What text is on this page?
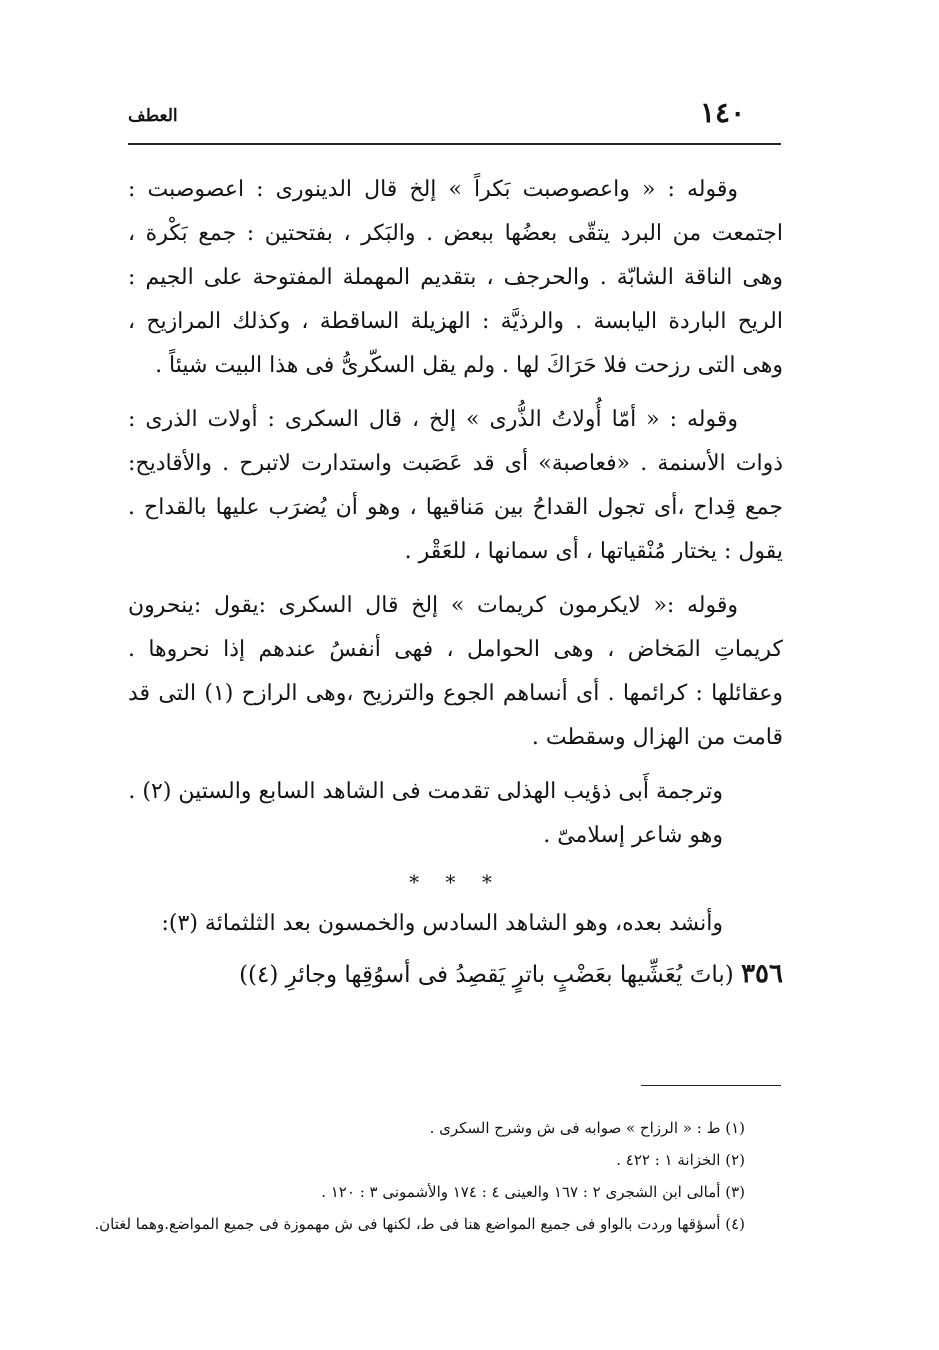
١٤٠
العطف

وقوله : « واعصوصبت بَكراً » إلخ قال الدينورى : اعصوصبت : اجتمعت من البرد يتقّى بعضُها ببعض . والبَكر ، بفتحتين : جمع بَكْرة ، وهى الناقة الشابّة . والحرجف ، بتقديم المهملة المفتوحة على الجيم : الريح الباردة اليابسة . والرذيَّة : الهزيلة الساقطة ، وكذلك المرازيح ، وهى التى رزحت فلا حَرَاكَ لها . ولم يقل السكّرىُّ فى هذا البيت شيئاً .

وقوله : « أمّا أُولاتُ الذُّرى » إلخ ، قال السكرى : أولات الذرى : ذوات الأسنمة . «فعاصبة» أى قد عَصَبت واستدارت لاتبرح . والأقاديح: جمع قِداح ،أى تجول القداحُ بين مَناقيها ، وهو أن يُضرَب عليها بالقداح . يقول : يختار مُنْقياتها ، أى سمانها ، للعَقْر .

وقوله :« لايكرمون كريمات » إلخ قال السكرى :يقول :ينحرون كريماتِ المَخاض ، وهى الحوامل ، فهى أنفسُ عندهم إذا نحروها . وعقائلها : كرائمها . أى أنساهم الجوع والترزيح ،وهى الرازح (١) التى قد قامت من الهزال وسقطت .

وترجمة أَبى ذؤيب الهذلى تقدمت فى الشاهد السابع والستين (٢) .

وهو شاعر إسلامىّ .

* * *

وأنشد بعده، وهو الشاهد السادس والخمسون بعد الثلثمائة (٣):

٣٥٦ (باتَ يُعَشِّيها بعَضْبٍ باترٍ يَقصِدُ فى أسوُقِها وجائرِ (٤))

(١) ط : « الرزاح » صوابه فى ش وشرح السكرى .
(٢) الخزانة ١ : ٤٢٢ .
(٣) أمالى ابن الشجرى ٢ : ١٦٧ والعينى ٤ : ١٧٤ والأشمونى ٣ : ١٢٠ .
(٤) أسؤقها وردت بالواو فى جميع المواضع هنا فى ط، لكنها فى ش مهموزة فى جميع المواضع.وهما لغتان.
